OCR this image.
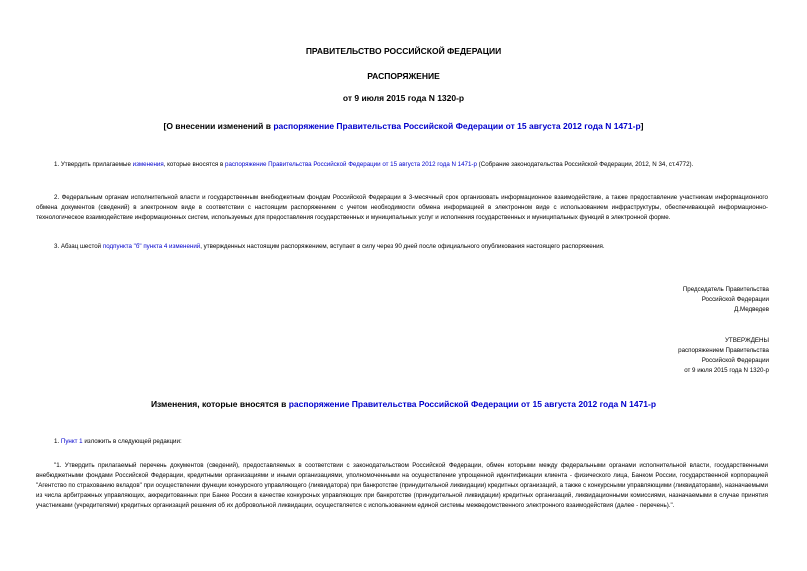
ПРАВИТЕЛЬСТВО РОССИЙСКОЙ ФЕДЕРАЦИИ
РАСПОРЯЖЕНИЕ
от 9 июля 2015 года N 1320-р
[О внесении изменений в распоряжение Правительства Российской Федерации от 15 августа 2012 года N 1471-р]
1. Утвердить прилагаемые изменения, которые вносятся в распоряжение Правительства Российской Федерации от 15 августа 2012 года N 1471-р (Собрание законодательства Российской Федерации, 2012, N 34, ст.4772).
2. Федеральным органам исполнительной власти и государственным внебюджетным фондам Российской Федерации в 3-месячный срок организовать информационное взаимодействие, а также предоставление участникам информационного обмена документов (сведений) в электронном виде в соответствии с настоящим распоряжением с учетом необходимости обмена информацией в электронном виде с использованием инфраструктуры, обеспечивающей информационно-технологическое взаимодействие информационных систем, используемых для предоставления государственных и муниципальных услуг и исполнения государственных и муниципальных функций в электронной форме.
3. Абзац шестой подпункта "б" пункта 4 изменений, утвержденных настоящим распоряжением, вступает в силу через 90 дней после официального опубликования настоящего распоряжения.
Председатель Правительства
Российской Федерации
Д.Медведев
УТВЕРЖДЕНЫ
распоряжением Правительства
Российской Федерации
от 9 июля 2015 года N 1320-р
Изменения, которые вносятся в распоряжение Правительства Российской Федерации от 15 августа 2012 года N 1471-р
1. Пункт 1 изложить в следующей редакции:
"1. Утвердить прилагаемый перечень документов (сведений), предоставляемых в соответствии с законодательством Российской Федерации, обмен которыми между федеральными органами исполнительной власти, государственными внебюджетными фондами Российской Федерации, кредитными организациями и иными организациями, уполномоченными на осуществление упрощенной идентификации клиента - физического лица, Банком России, государственной корпорацией "Агентство по страхованию вкладов" при осуществлении функции конкурсного управляющего (ликвидатора) при банкротстве (принудительной ликвидации) кредитных организаций, а также с конкурсными управляющими (ликвидаторами), назначаемыми из числа арбитражных управляющих, аккредитованных при Банке России в качестве конкурсных управляющих при банкротстве (принудительной ликвидации) кредитных организаций, ликвидационными комиссиями, назначаемыми в случае принятия участниками (учредителями) кредитных организаций решения об их добровольной ликвидации, осуществляется с использованием единой системы межведомственного электронного взаимодействия (далее - перечень).".
